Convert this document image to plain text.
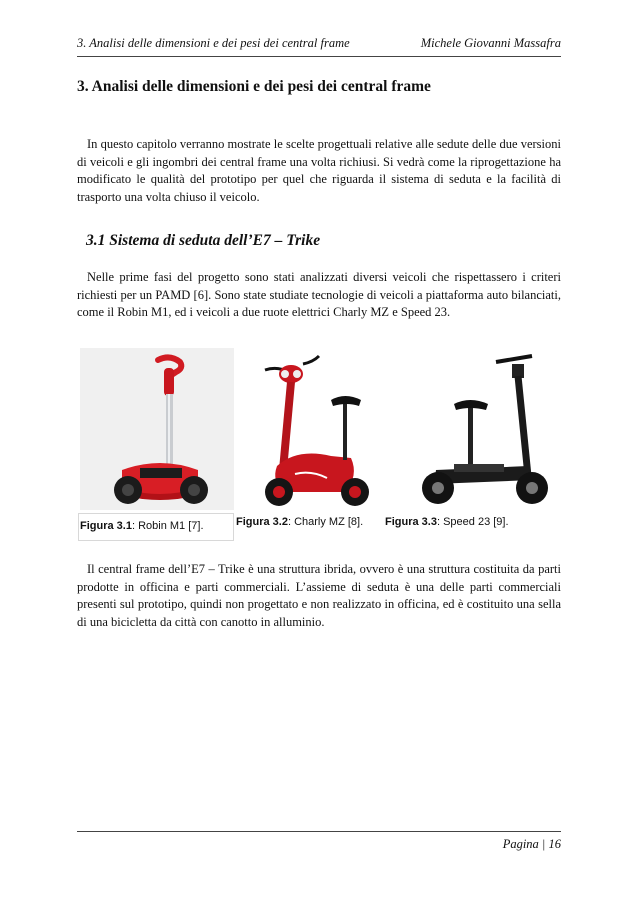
3. Analisi delle dimensioni e dei pesi dei central frame	Michele Giovanni Massafra
3. Analisi delle dimensioni e dei pesi dei central frame

In questo capitolo verranno mostrate le scelte progettuali relative alle sedute delle due versioni di veicoli e gli ingombri dei central frame una volta richiusi. Si vedrà come la riprogettazione ha modificato le qualità del prototipo per quel che riguarda il sistema di seduta e la facilità di trasporto una volta chiuso il veicolo.

3.1 Sistema di seduta dell’E7 – Trike

Nelle prime fasi del progetto sono stati analizzati diversi veicoli che rispettassero i criteri richiesti per un PAMD [6]. Sono state studiate tecnologie di veicoli a piattaforma auto bilanciati, come il Robin M1, ed i veicoli a due ruote elettrici Charly MZ e Speed 23.

Figura 3.1: Robin M1 [7].	Figura 3.2: Charly MZ [8]. Figura 3.3: Speed 23 [9].

Il central frame dell’E7 – Trike è una struttura ibrida, ovvero è una struttura costituita da parti prodotte in officina e parti commerciali. L’assieme di seduta è una delle parti commerciali presenti sul prototipo, quindi non progettato e non realizzato in officina, ed è costituito una sella di una bicicletta da città con canotto in alluminio.

Pagina | 16
